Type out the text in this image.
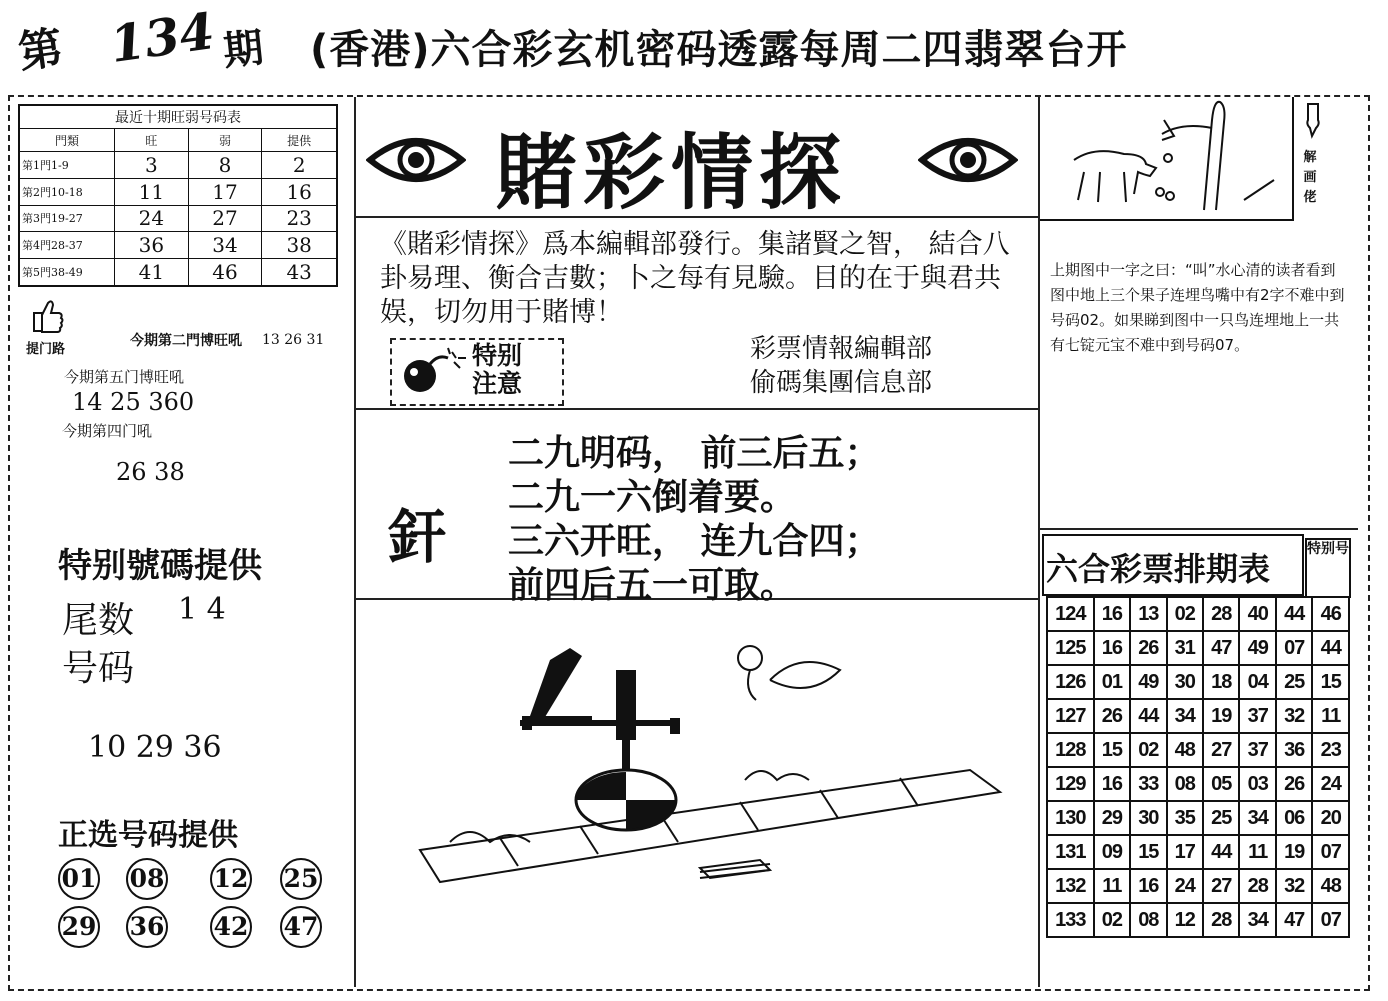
第 134 期 (香港)六合彩玄机密码透露每周二四翡翠台开
最近十期旺弱号码表			
門類	旺	弱	提供
第1門1-9	3	8	2
第2門10-18	11	17	16
第3門19-27	24	27	23
第4門28-37	36	34	38
第5門38-49	41	46	43
提门路
今期第二門博旺吼 13 26 31
今期第五门博旺吼
14 25 360
今期第四门吼
26 38
特别號碼提供
尾数 1 4
号码
10 29 36
正选号码提供
01 08 12 25
29 36 42 47
賭彩情探
《賭彩情探》爲本編輯部發行。集諸賢之智， 結合八卦易理、衡合吉數；卜之每有見驗。目的在于與君共娱，切勿用于賭博！
特别
注意
彩票情報編輯部
偷碼集團信息部
釬
二九明码， 前三后五；
二九一六倒着要。
三六开旺， 连九合四；
前四后五一可取。
解画佬
上期图中一字之曰：“叫”水心清的读者看到图中地上三个果子连埋鸟嘴中有2字不难中到号码02。如果睇到图中一只鸟连埋地上一共有七锭元宝不难中到号码07。
六合彩票排期表
特别号
124	16	13	02	28	40	44	46
125	16	26	31	47	49	07	44
126	01	49	30	18	04	25	15
127	26	44	34	19	37	32	11
128	15	02	48	27	37	36	23
129	16	33	08	05	03	26	24
130	29	30	35	25	34	06	20
131	09	15	17	44	11	19	07
132	11	16	24	27	28	32	48
133	02	08	12	28	34	47	07
